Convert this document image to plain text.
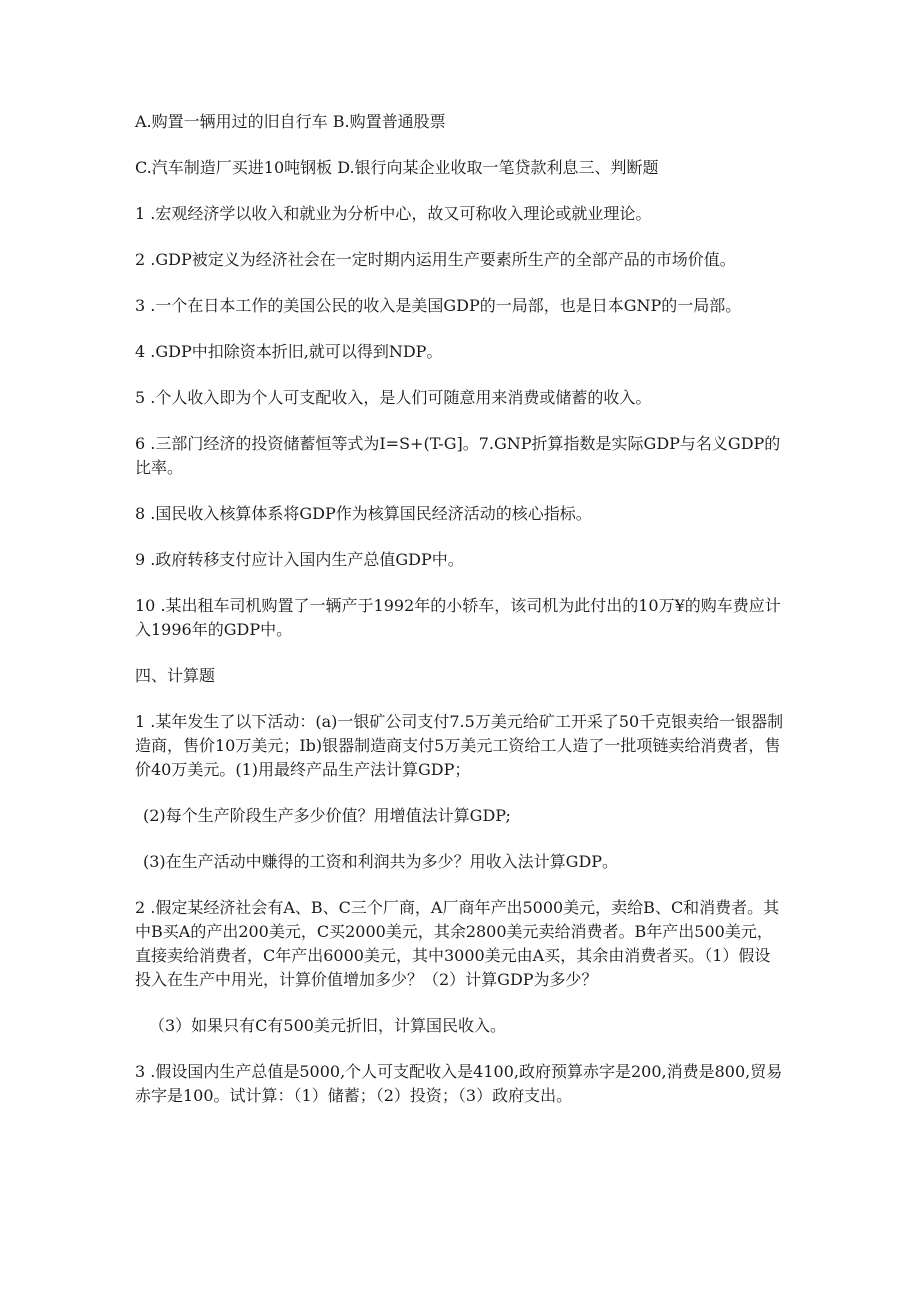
A.购置一辆用过的旧自行车 B.购置普通股票

C.汽车制造厂买进10吨钢板 D.银行向某企业收取一笔贷款利息三、判断题

1 .宏观经济学以收入和就业为分析中心，故又可称收入理论或就业理论。

2 .GDP被定义为经济社会在一定时期内运用生产要素所生产的全部产品的市场价值。

3 .一个在日本工作的美国公民的收入是美国GDP的一局部，也是日本GNP的一局部。

4 .GDP中扣除资本折旧,就可以得到NDP。

5 .个人收入即为个人可支配收入，是人们可随意用来消费或储蓄的收入。

6 .三部门经济的投资储蓄恒等式为I=S+(T-G]。7.GNP折算指数是实际GDP与名义GDP的比率。

8 .国民收入核算体系将GDP作为核算国民经济活动的核心指标。

9 .政府转移支付应计入国内生产总值GDP中。

10 .某出租车司机购置了一辆产于1992年的小轿车，该司机为此付出的10万¥的购车费应计入1996年的GDP中。

四、计算题

1 .某年发生了以下活动：(a)一银矿公司支付7.5万美元给矿工开采了50千克银卖给一银器制造商，售价10万美元；Ib)银器制造商支付5万美元工资给工人造了一批项链卖给消费者，售价40万美元。(1)用最终产品生产法计算GDP；

(2)每个生产阶段生产多少价值？用增值法计算GDP;

(3)在生产活动中赚得的工资和利润共为多少？用收入法计算GDP。

2 .假定某经济社会有A、B、C三个厂商，A厂商年产出5000美元，卖给B、C和消费者。其中B买A的产出200美元，C买2000美元，其余2800美元卖给消费者。B年产出500美元，直接卖给消费者，C年产出6000美元，其中3000美元由A买，其余由消费者买。（1）假设投入在生产中用光，计算价值增加多少？（2）计算GDP为多少？

（3）如果只有C有500美元折旧，计算国民收入。

3 .假设国内生产总值是5000,个人可支配收入是4100,政府预算赤字是200,消费是800,贸易赤字是100。试计算：（1）储蓄；（2）投资；（3）政府支出。
